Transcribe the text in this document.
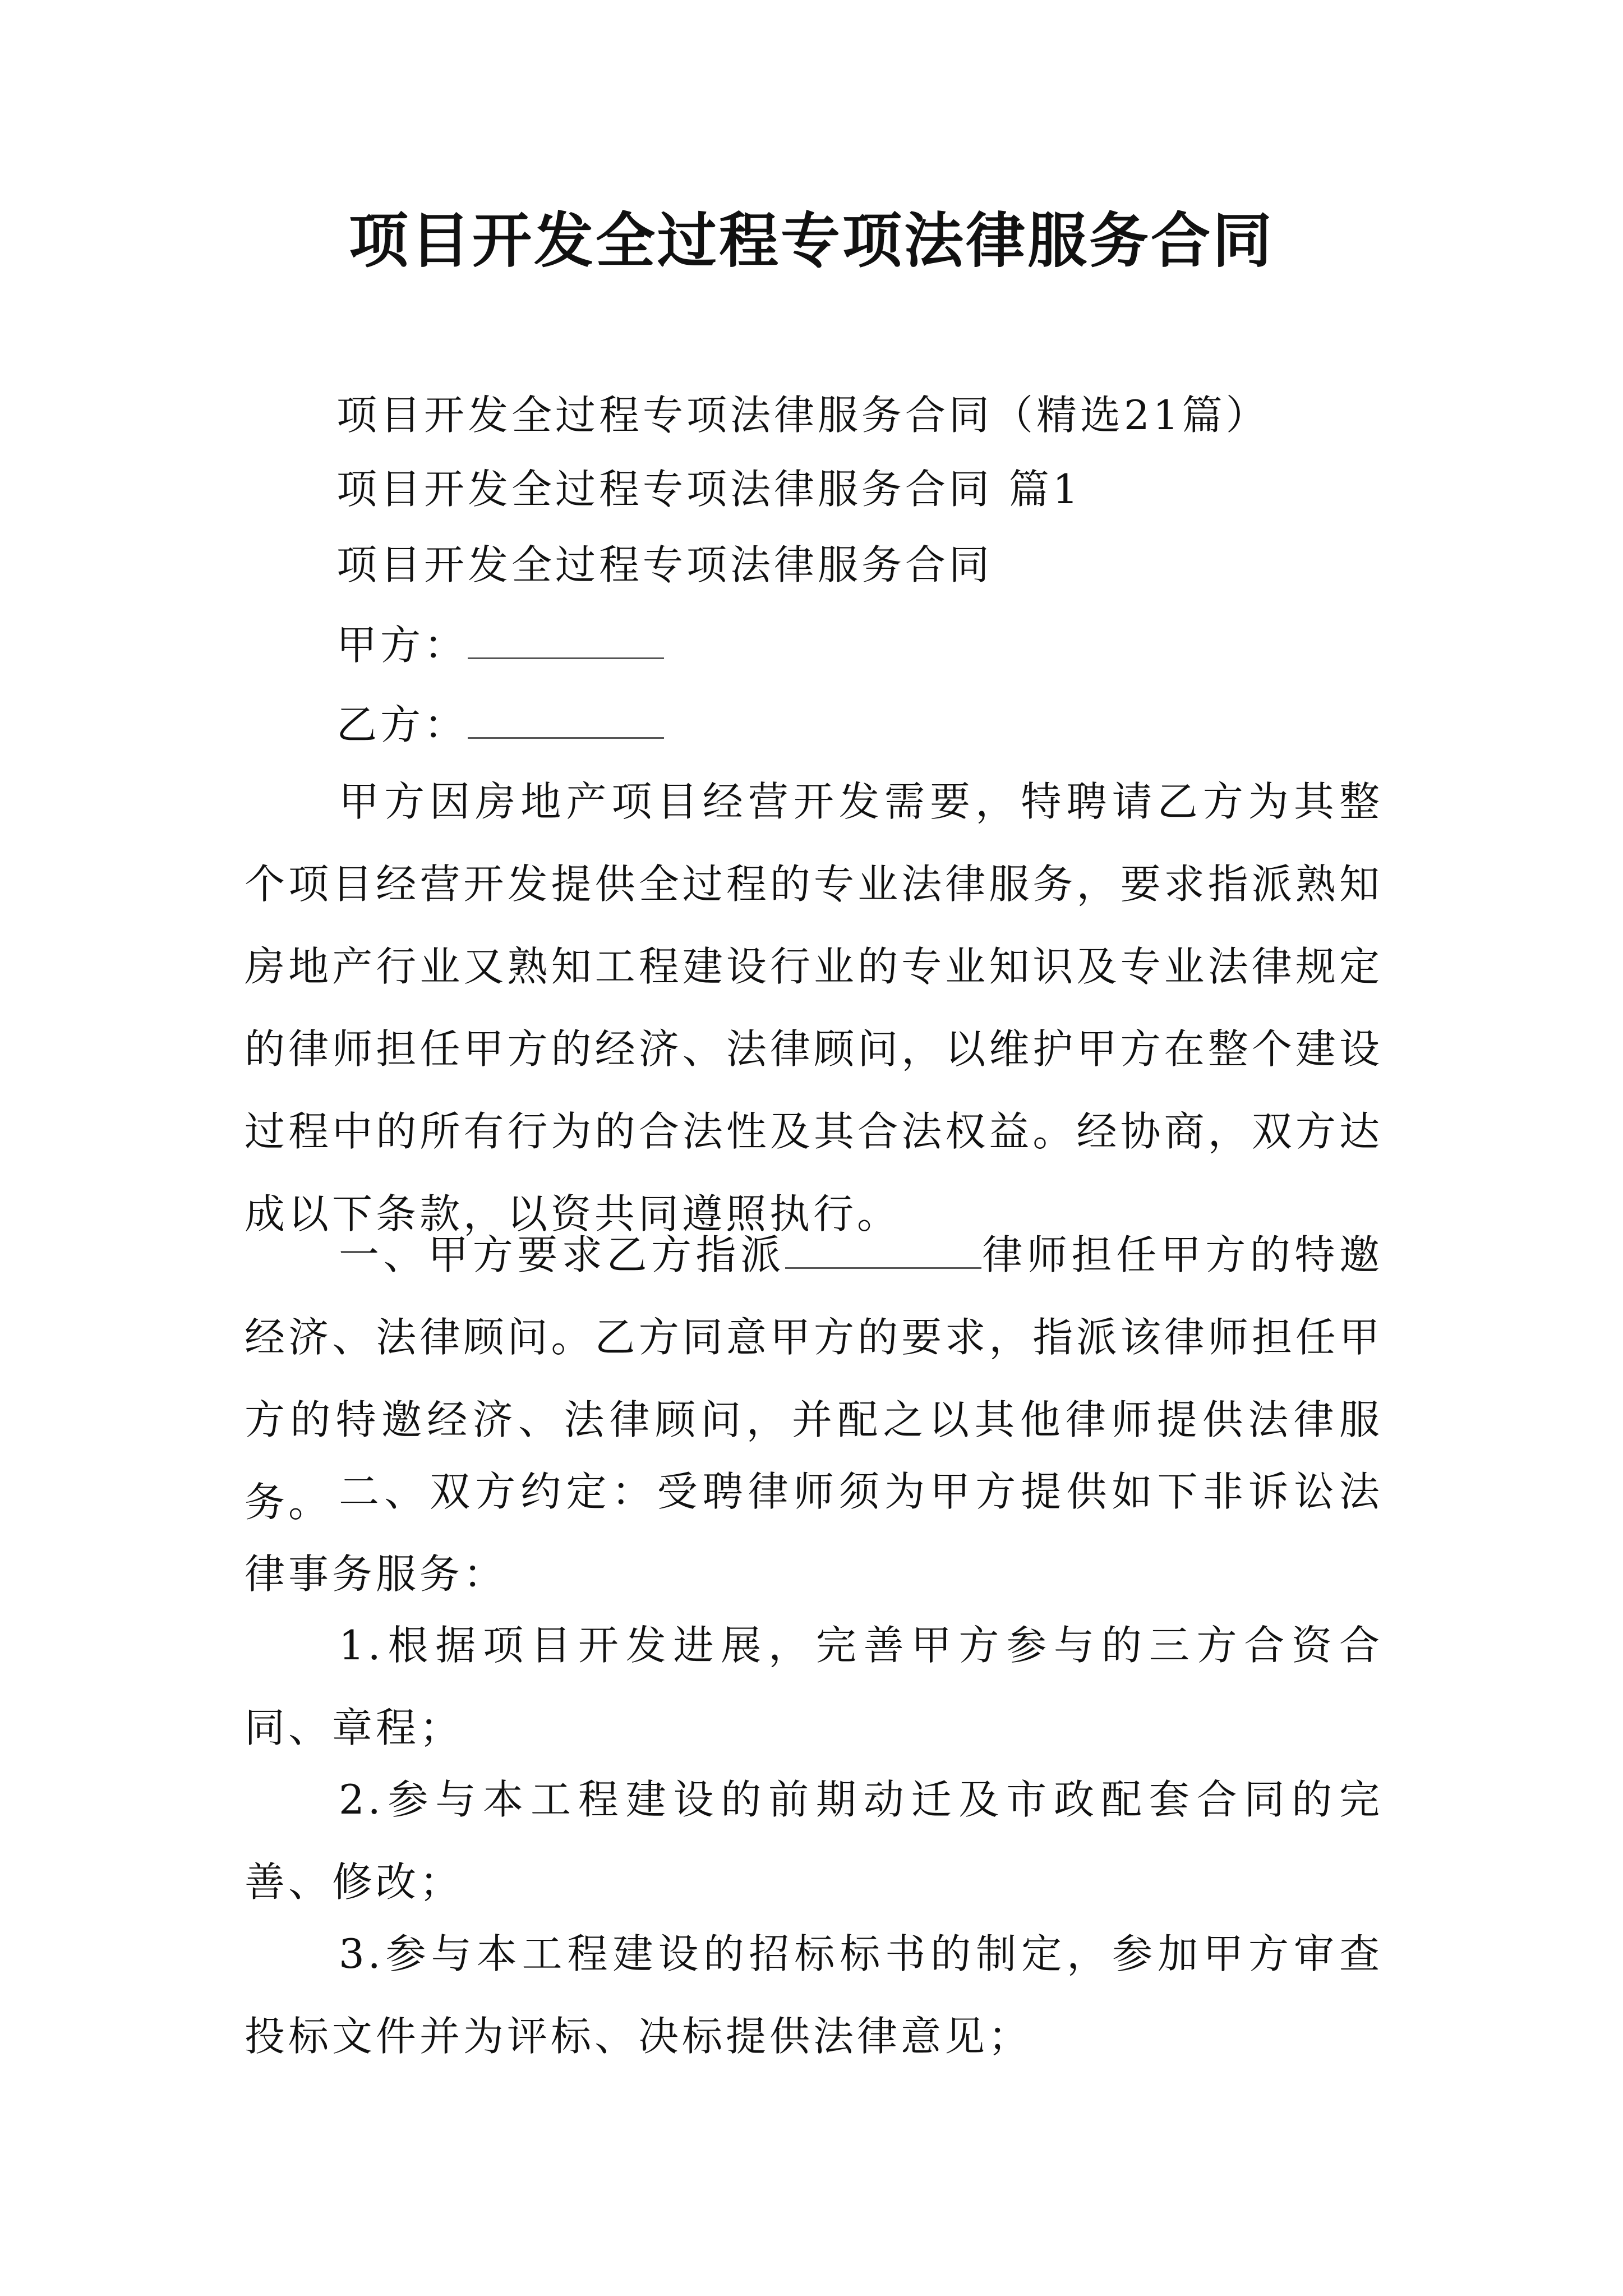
项目开发全过程专项法律服务合同
项目开发全过程专项法律服务合同（精选21篇）
项目开发全过程专项法律服务合同 篇1
项目开发全过程专项法律服务合同
甲方：
乙方：

甲方因房地产项目经营开发需要，特聘请乙方为其整个项目经营开发提供全过程的专业法律服务，要求指派熟知房地产行业又熟知工程建设行业的专业知识及专业法律规定的律师担任甲方的经济、法律顾问，以维护甲方在整个建设过程中的所有行为的合法性及其合法权益。经协商，双方达成以下条款，以资共同遵照执行。

一、甲方要求乙方指派	律师担任甲方的特邀经济、法律顾问。乙方同意甲方的要求，指派该律师担任甲方的特邀经济、法律顾问，并配之以其他律师提供法律服务。 二、双方约定：受聘律师须为甲方提供如下非诉讼法律事务服务：

1.根据项目开发进展，完善甲方参与的三方合资合同、章程；

2.参与本工程建设的前期动迁及市政配套合同的完善、修改；

3.参与本工程建设的招标标书的制定，参加甲方审查投标文件并为评标、决标提供法律意见；
